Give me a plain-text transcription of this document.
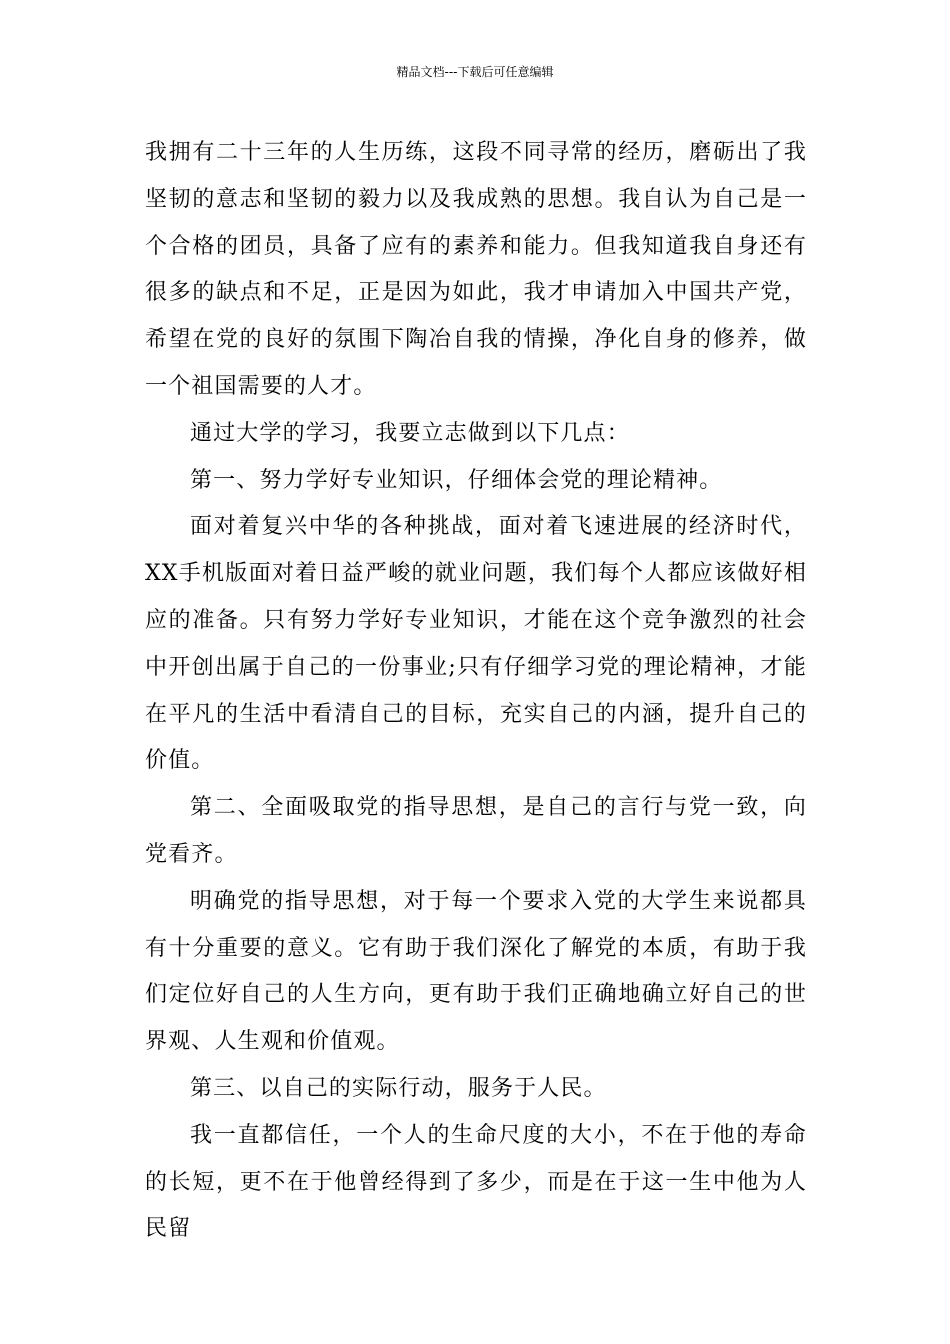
精品文档---下载后可任意编辑

我拥有二十三年的人生历练，这段不同寻常的经历，磨砺出了我坚韧的意志和坚韧的毅力以及我成熟的思想。我自认为自己是一个合格的团员，具备了应有的素养和能力。但我知道我自身还有很多的缺点和不足，正是因为如此，我才申请加入中国共产党，希望在党的良好的氛围下陶冶自我的情操，净化自身的修养，做一个祖国需要的人才。

通过大学的学习，我要立志做到以下几点：

第一、努力学好专业知识，仔细体会党的理论精神。

面对着复兴中华的各种挑战，面对着飞速进展的经济时代，XX手机版面对着日益严峻的就业问题，我们每个人都应该做好相应的准备。只有努力学好专业知识，才能在这个竞争激烈的社会中开创出属于自己的一份事业;只有仔细学习党的理论精神，才能在平凡的生活中看清自己的目标，充实自己的内涵，提升自己的价值。

第二、全面吸取党的指导思想，是自己的言行与党一致，向党看齐。

明确党的指导思想，对于每一个要求入党的大学生来说都具有十分重要的意义。它有助于我们深化了解党的本质，有助于我们定位好自己的人生方向，更有助于我们正确地确立好自己的世界观、人生观和价值观。

第三、以自己的实际行动，服务于人民。

我一直都信任，一个人的生命尺度的大小，不在于他的寿命的长短，更不在于他曾经得到了多少，而是在于这一生中他为人民留
